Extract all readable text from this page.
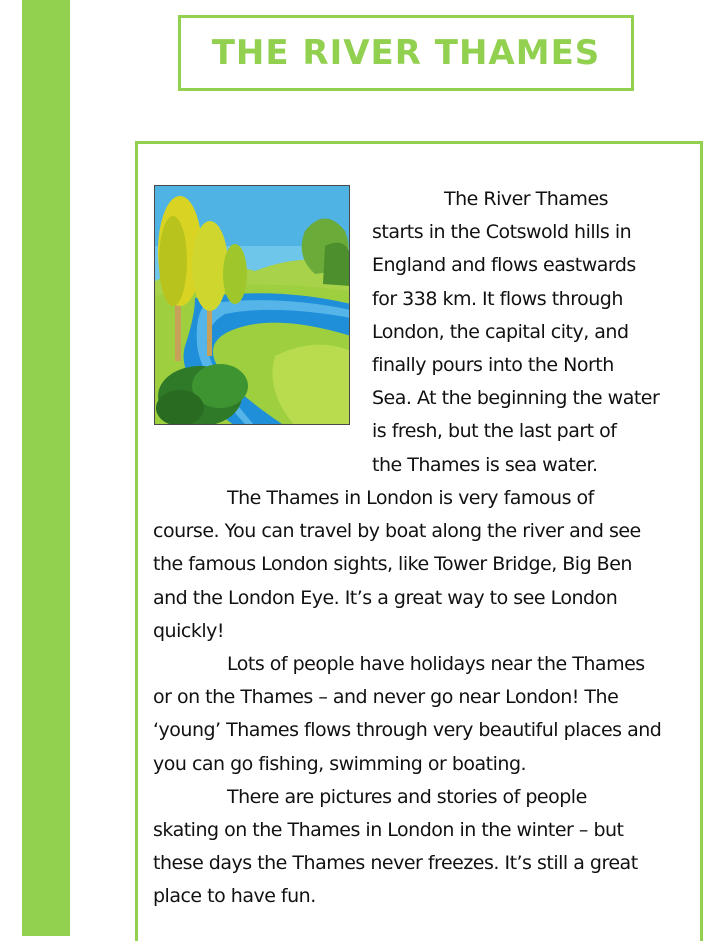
THE RIVER THAMES
The River Thames
starts in the Cotswold hills in
England and flows eastwards
for 338 km. It flows through
London, the capital city, and
finally pours into the North
Sea. At the beginning the water
is fresh, but the last part of
the Thames is sea water.
The Thames in London is very famous of
course. You can travel by boat along the river and see
the famous London sights, like Tower Bridge, Big Ben
and the London Eye. It’s a great way to see London
quickly!
Lots of people have holidays near the Thames
or on the Thames – and never go near London! The
‘young’ Thames flows through very beautiful places and
you can go fishing, swimming or boating.
There are pictures and stories of people
skating on the Thames in London in the winter – but
these days the Thames never freezes. It’s still a great
place to have fun.
